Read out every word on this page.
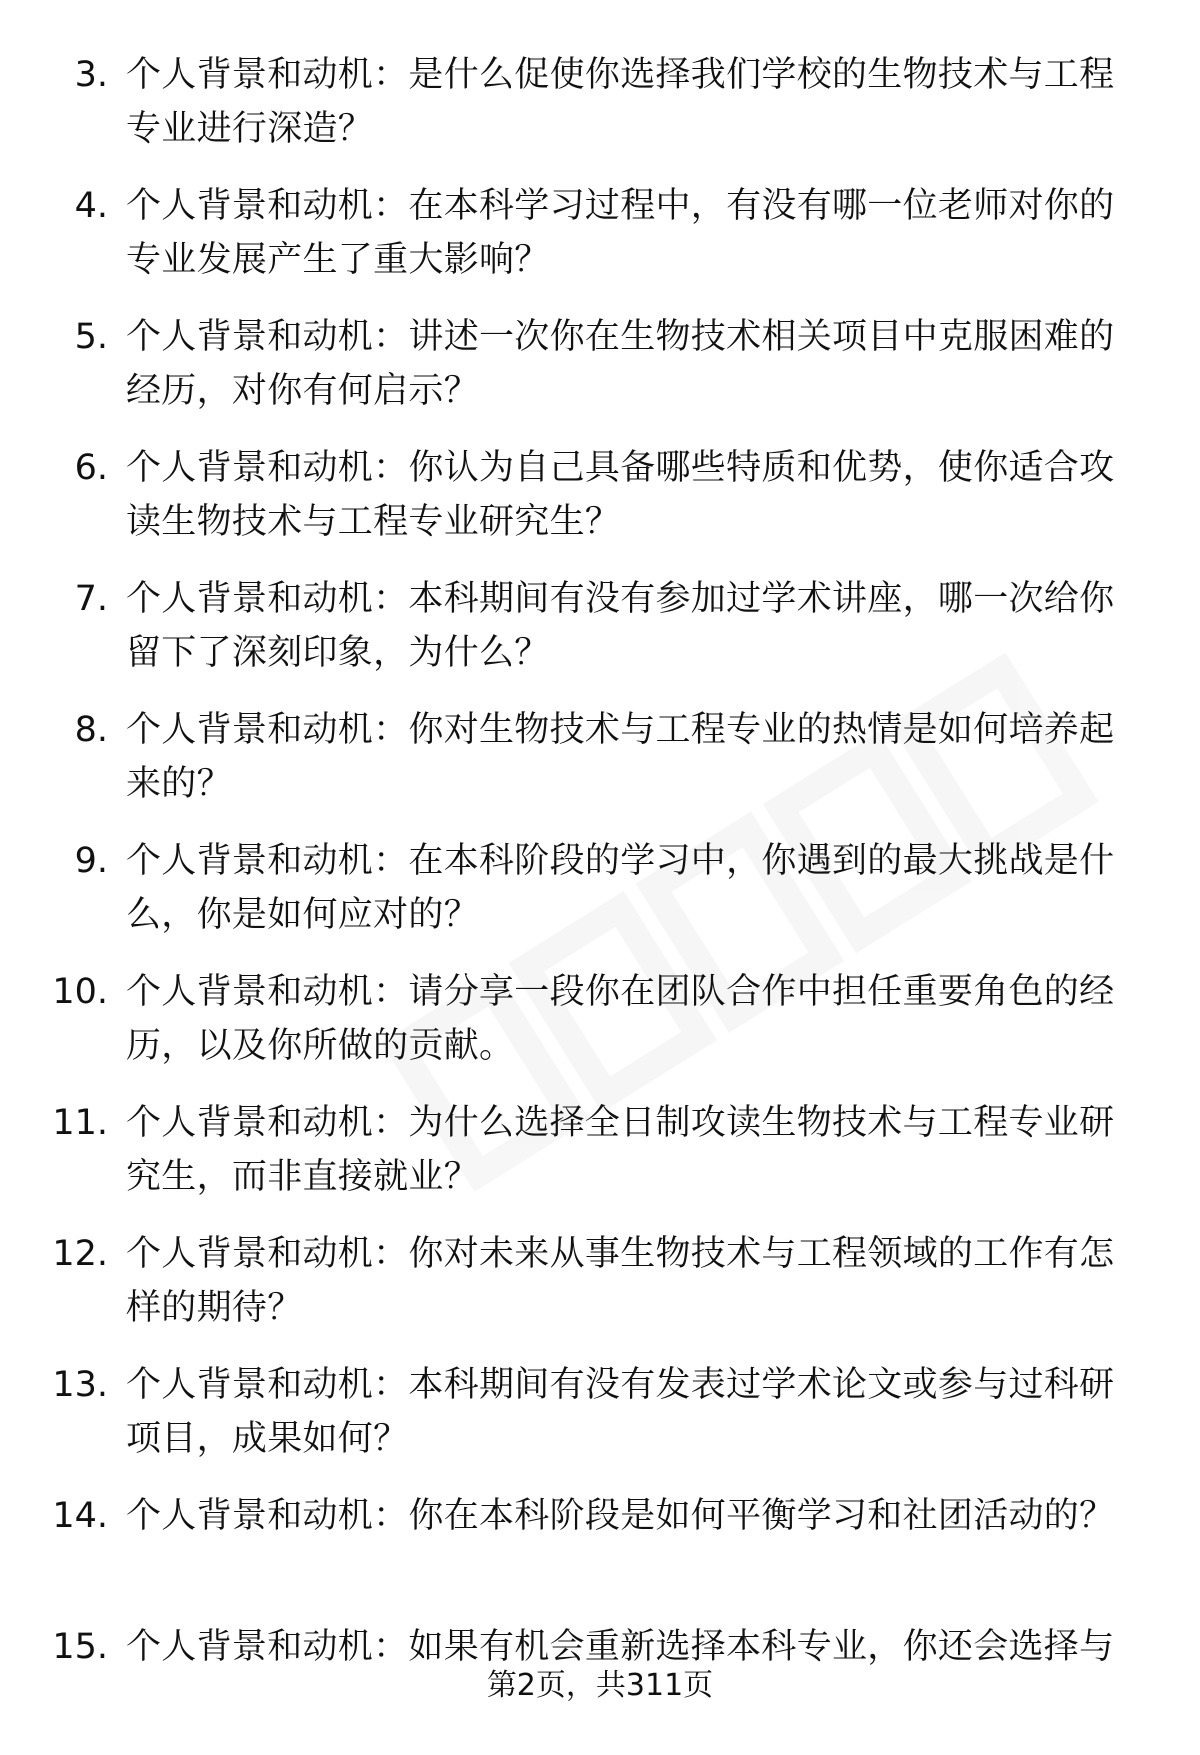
3. 个人背景和动机：是什么促使你选择我们学校的生物技术与工程专业进行深造？
4. 个人背景和动机：在本科学习过程中，有没有哪一位老师对你的专业发展产生了重大影响？
5. 个人背景和动机：讲述一次你在生物技术相关项目中克服困难的经历，对你有何启示？
6. 个人背景和动机：你认为自己具备哪些特质和优势，使你适合攻读生物技术与工程专业研究生？
7. 个人背景和动机：本科期间有没有参加过学术讲座，哪一次给你留下了深刻印象，为什么？
8. 个人背景和动机：你对生物技术与工程专业的热情是如何培养起来的？
9. 个人背景和动机：在本科阶段的学习中，你遇到的最大挑战是什么，你是如何应对的？
10. 个人背景和动机：请分享一段你在团队合作中担任重要角色的经历，以及你所做的贡献。
11. 个人背景和动机：为什么选择全日制攻读生物技术与工程专业研究生，而非直接就业？
12. 个人背景和动机：你对未来从事生物技术与工程领域的工作有怎样的期待？
13. 个人背景和动机：本科期间有没有发表过学术论文或参与过科研项目，成果如何？
14. 个人背景和动机：你在本科阶段是如何平衡学习和社团活动的？
15. 个人背景和动机：如果有机会重新选择本科专业，你还会选择与
第2页，共311页
